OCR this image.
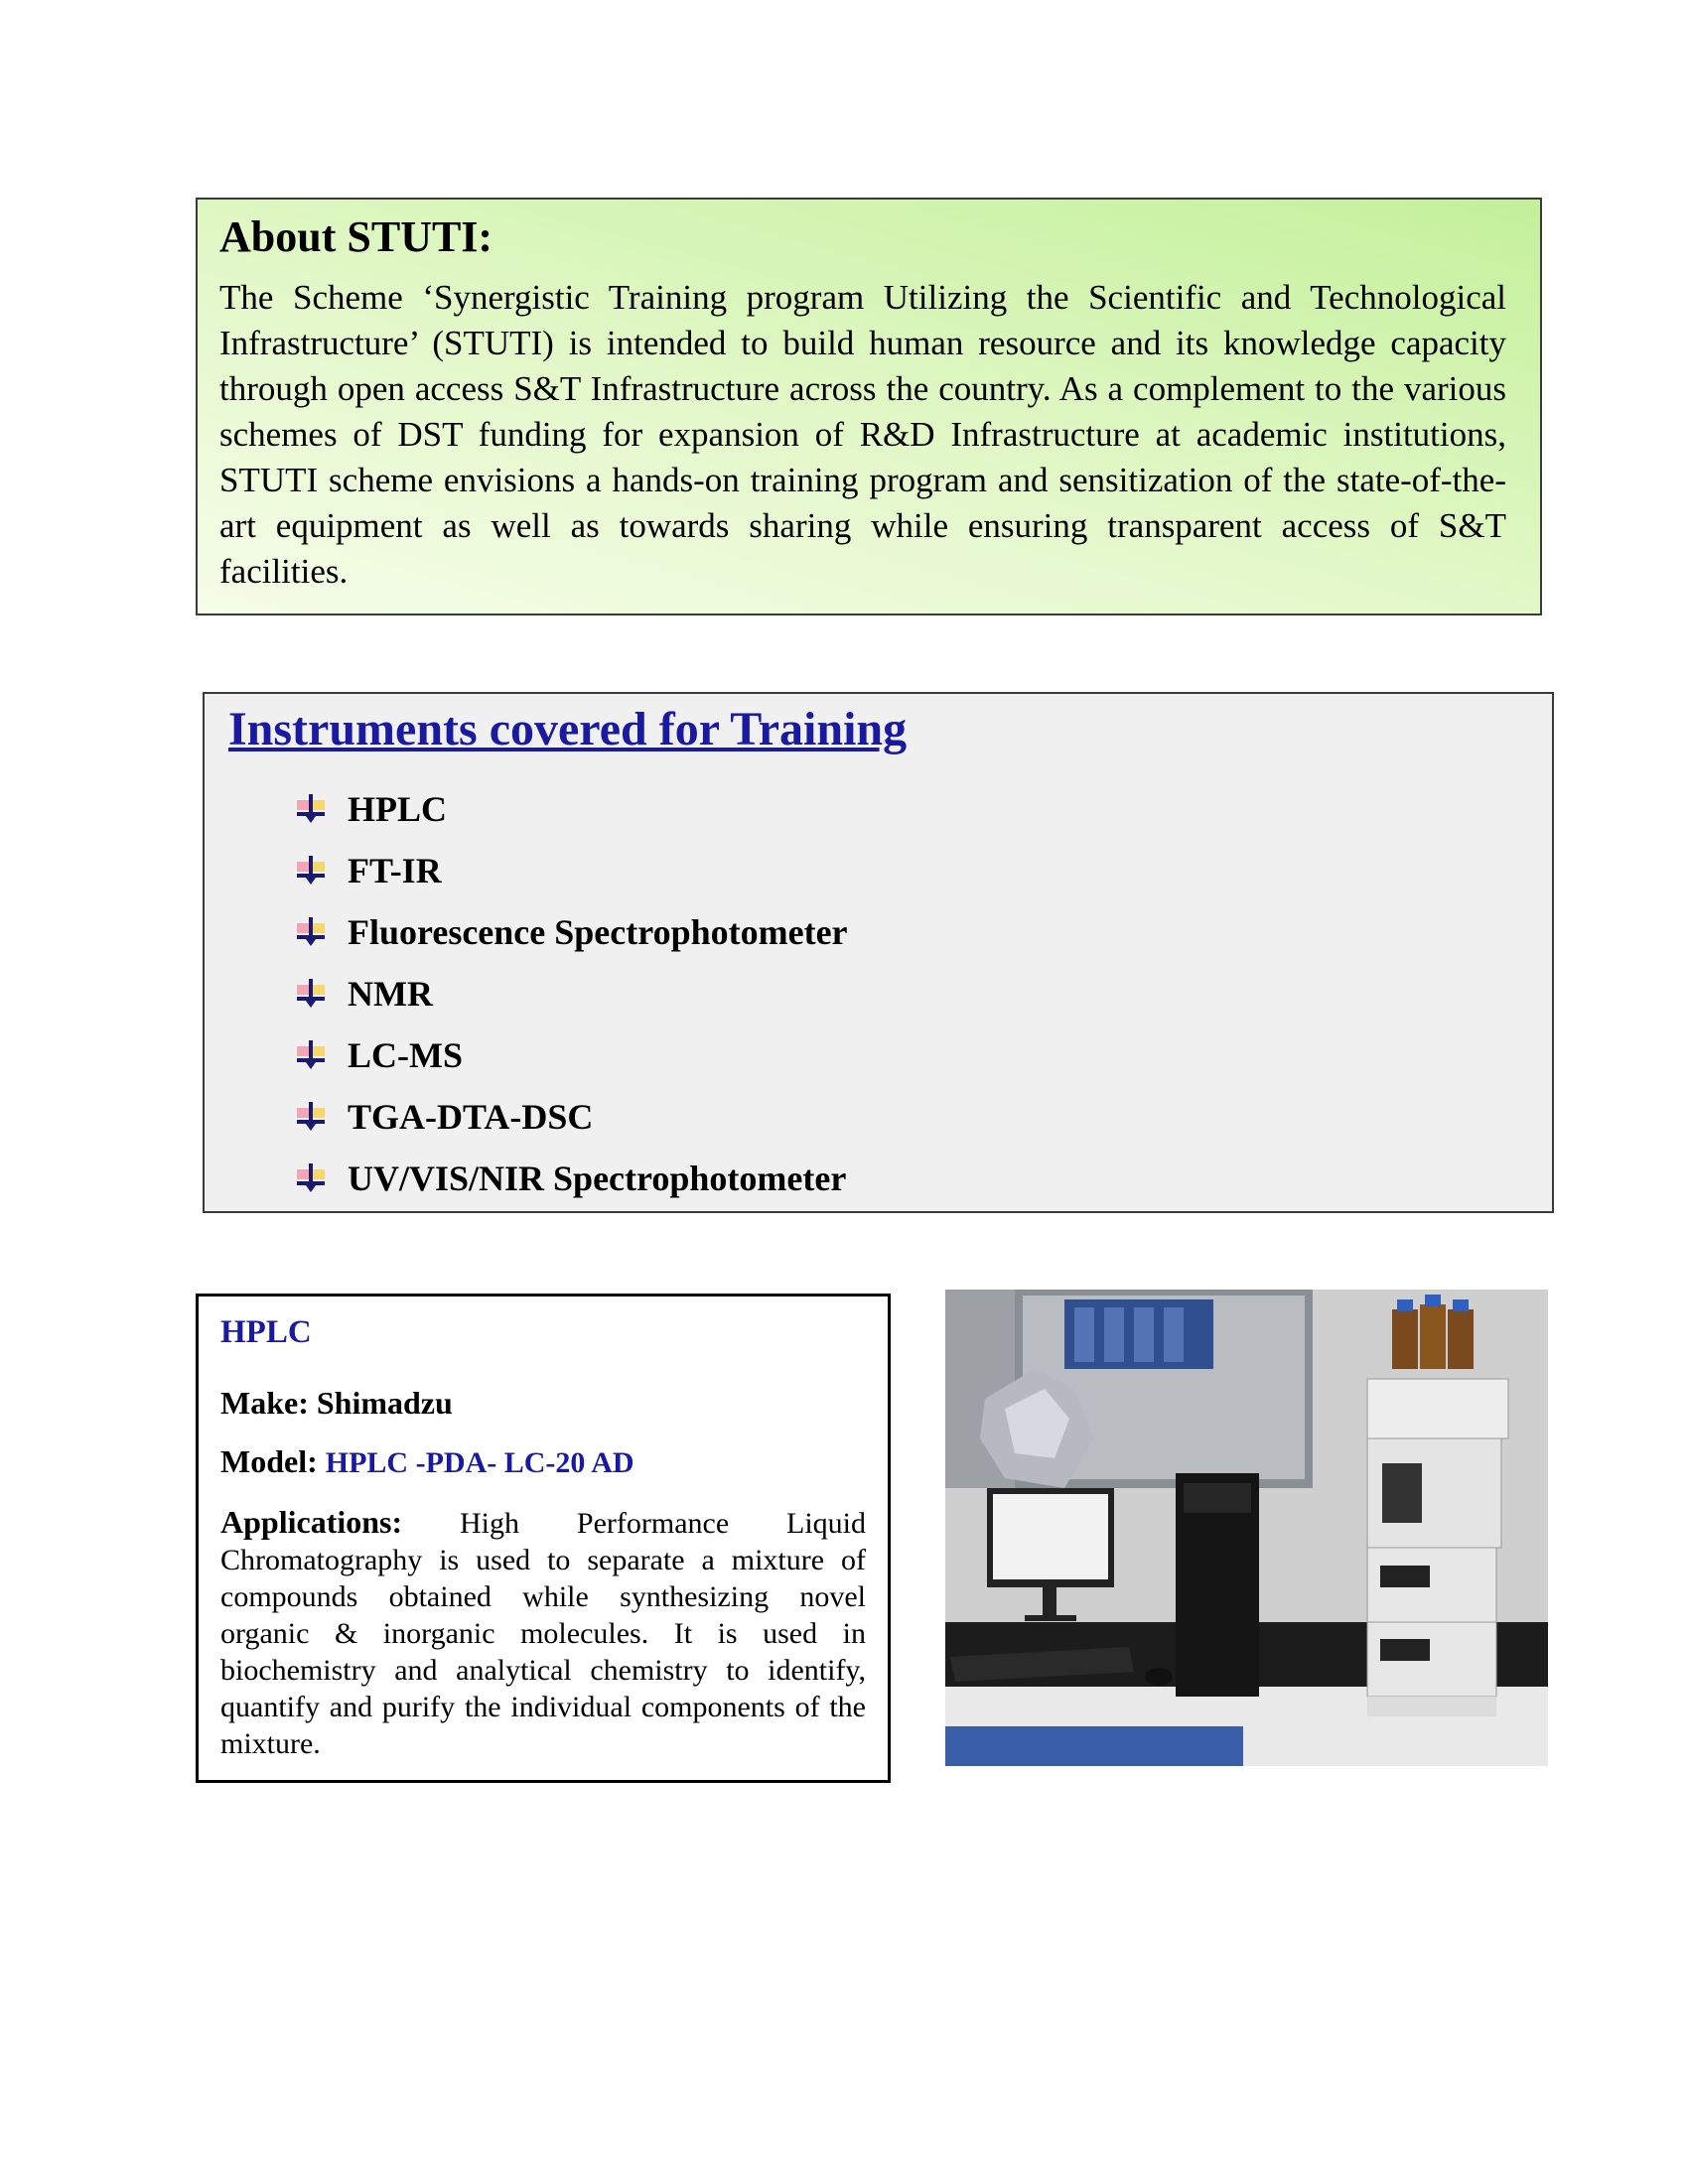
About STUTI:

The Scheme ‘Synergistic Training program Utilizing the Scientific and Technological Infrastructure’ (STUTI) is intended to build human resource and its knowledge capacity through open access S&T Infrastructure across the country. As a complement to the various schemes of DST funding for expansion of R&D Infrastructure at academic institutions, STUTI scheme envisions a hands-on training program and sensitization of the state-of-the-art equipment as well as towards sharing while ensuring transparent access of S&T facilities.

Instruments covered for Training
HPLC
FT-IR
Fluorescence Spectrophotometer
NMR
LC-MS
TGA-DTA-DSC
UV/VIS/NIR Spectrophotometer
HPLC
Make: Shimadzu
Model: HPLC -PDA- LC-20 AD

Applications: High Performance Liquid Chromatography is used to separate a mixture of compounds obtained while synthesizing novel organic & inorganic molecules. It is used in biochemistry and analytical chemistry to identify, quantify and purify the individual components of the mixture.
